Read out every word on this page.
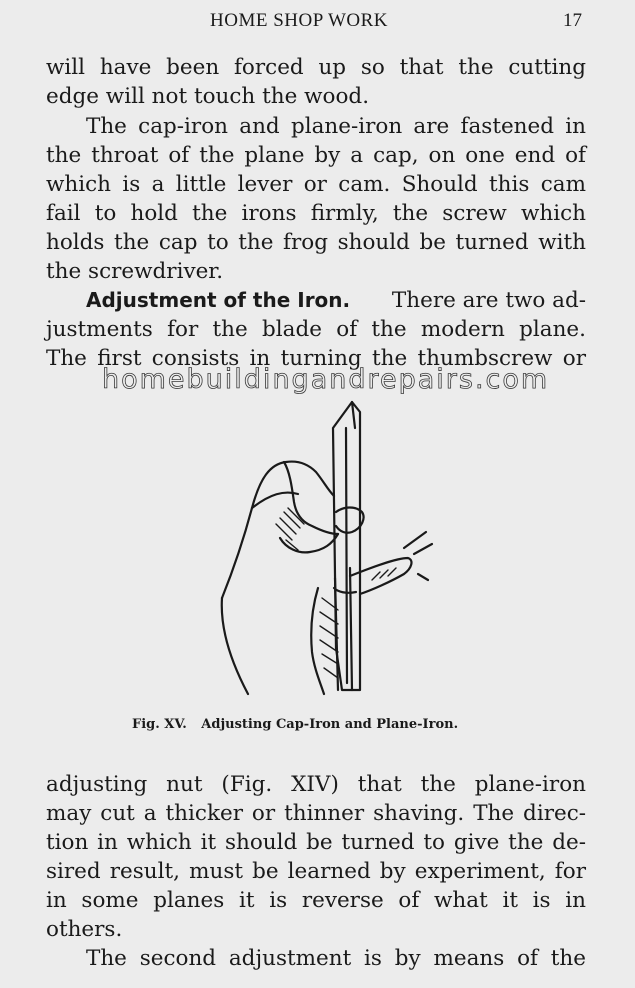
HOME SHOP WORK	17
will have been forced up so that the cutting
edge will not touch the wood.
The cap-iron and plane-iron are fastened in
the throat of the plane by a cap, on one end of
which is a little lever or cam. Should this cam
fail to hold the irons firmly, the screw which
holds the cap to the frog should be turned with
the screwdriver.
Adjustment of the Iron. There are two ad-
justments for the blade of the modern plane.
The first consists in turning the thumbscrew or
homebuildingandrepairs.com
Fig. XV. Adjusting Cap-Iron and Plane-Iron.
adjusting nut (Fig. XIV) that the plane-iron
may cut a thicker or thinner shaving. The direc-
tion in which it should be turned to give the de-
sired result, must be learned by experiment, for
in some planes it is reverse of what it is in
others.
The second adjustment is by means of the
